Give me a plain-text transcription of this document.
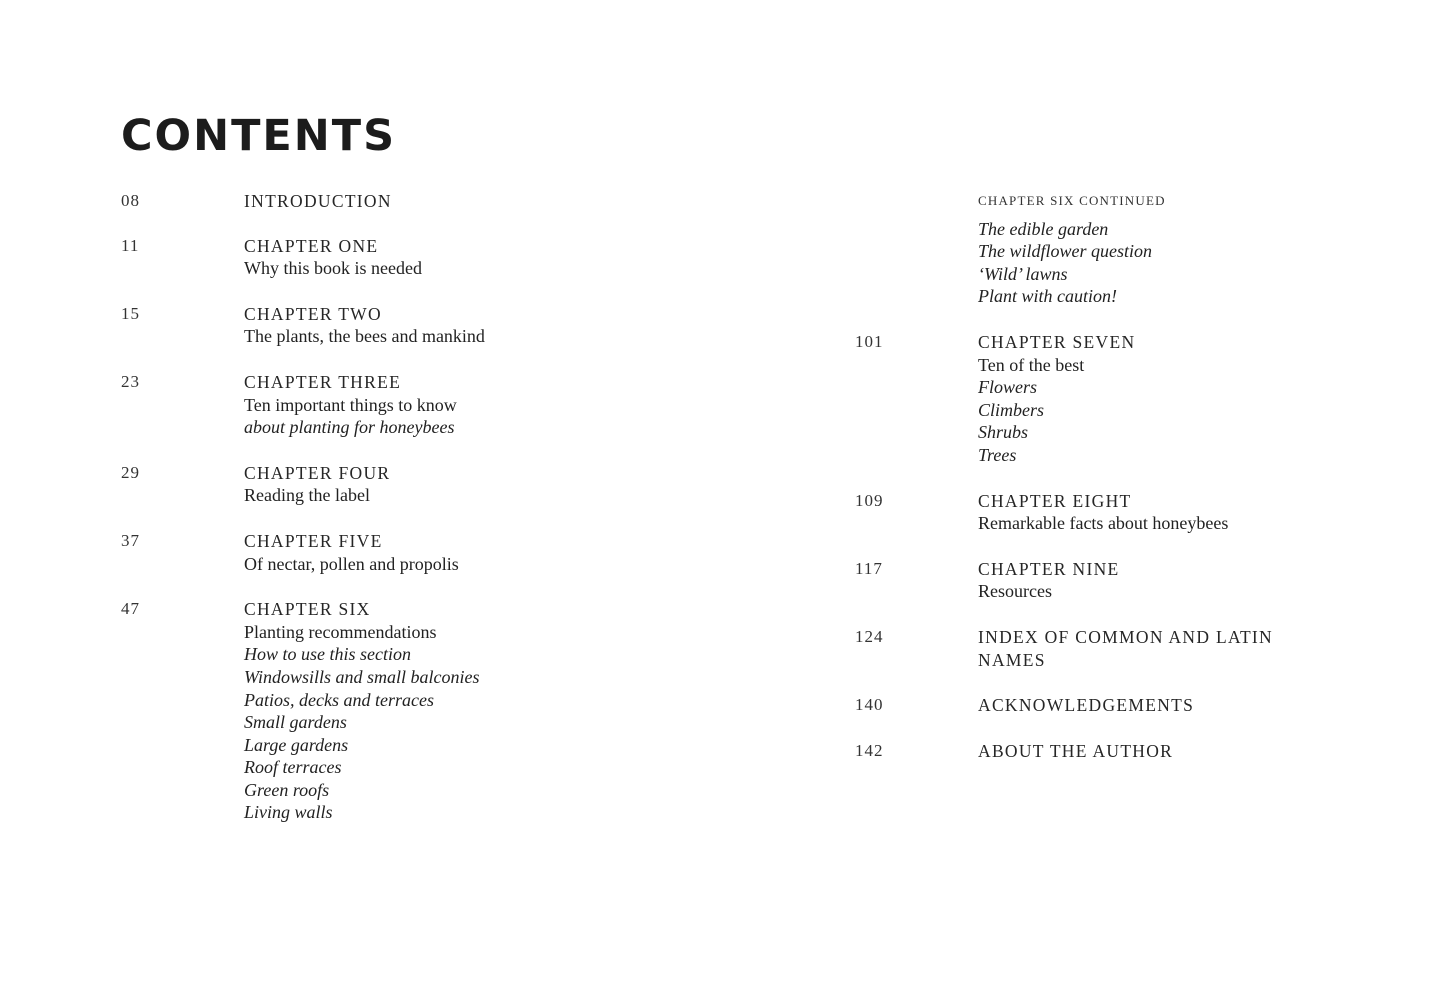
CONTENTS
08	INTRODUCTION
11	CHAPTER ONE
Why this book is needed
15	CHAPTER TWO
The plants, the bees and mankind
23	CHAPTER THREE
Ten important things to know
about planting for honeybees
29	CHAPTER FOUR
Reading the label
37	CHAPTER FIVE
Of nectar, pollen and propolis
47	CHAPTER SIX
Planting recommendations
How to use this section
Windowsills and small balconies
Patios, decks and terraces
Small gardens
Large gardens
Roof terraces
Green roofs
Living walls
CHAPTER SIX CONTINUED
The edible garden
The wildflower question
‘Wild’ lawns
Plant with caution!
101	CHAPTER SEVEN
Ten of the best
Flowers
Climbers
Shrubs
Trees
109	CHAPTER EIGHT
Remarkable facts about honeybees
117	CHAPTER NINE
Resources
124	INDEX OF COMMON AND LATIN NAMES
140	ACKNOWLEDGEMENTS
142	ABOUT THE AUTHOR
